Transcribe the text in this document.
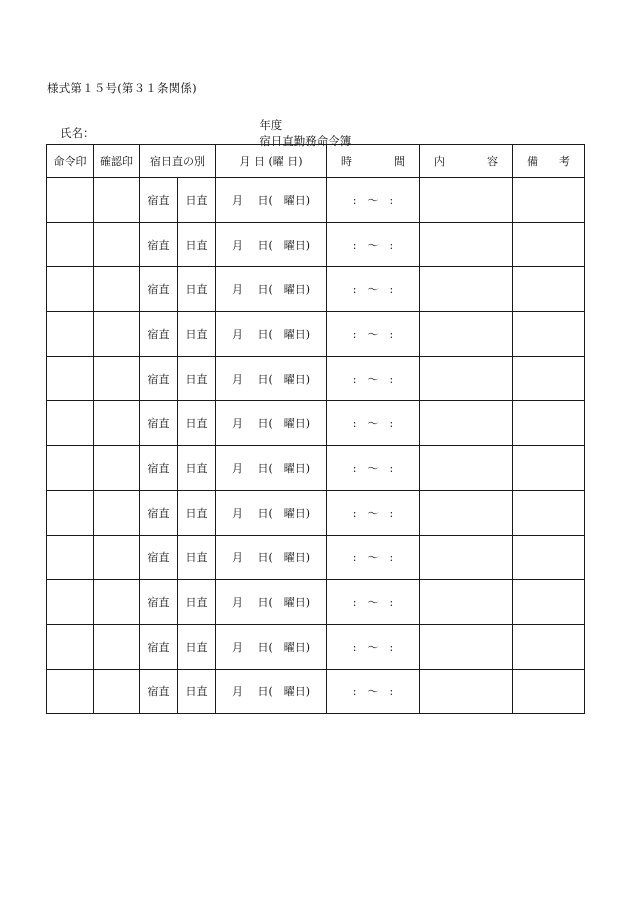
様式第１５号(第３１条関係)

年度
宿日直勤務命令簿

氏名：
命令印	確認印	宿日直の別		月 日 (曜 日)	時 間	内 容	備 考

		宿直	日直	月　 日(　曜日)	:　〜　:		
		宿直	日直	月　 日(　曜日)	:　〜　:		
		宿直	日直	月　 日(　曜日)	:　〜　:		
		宿直	日直	月　 日(　曜日)	:　〜　:		
		宿直	日直	月　 日(　曜日)	:　〜　:		
		宿直	日直	月　 日(　曜日)	:　〜　:		
		宿直	日直	月　 日(　曜日)	:　〜　:		
		宿直	日直	月　 日(　曜日)	:　〜　:		
		宿直	日直	月　 日(　曜日)	:　〜　:		
		宿直	日直	月　 日(　曜日)	:　〜　:		
		宿直	日直	月　 日(　曜日)	:　〜　:		
		宿直	日直	月　 日(　曜日)	:　〜　:		
